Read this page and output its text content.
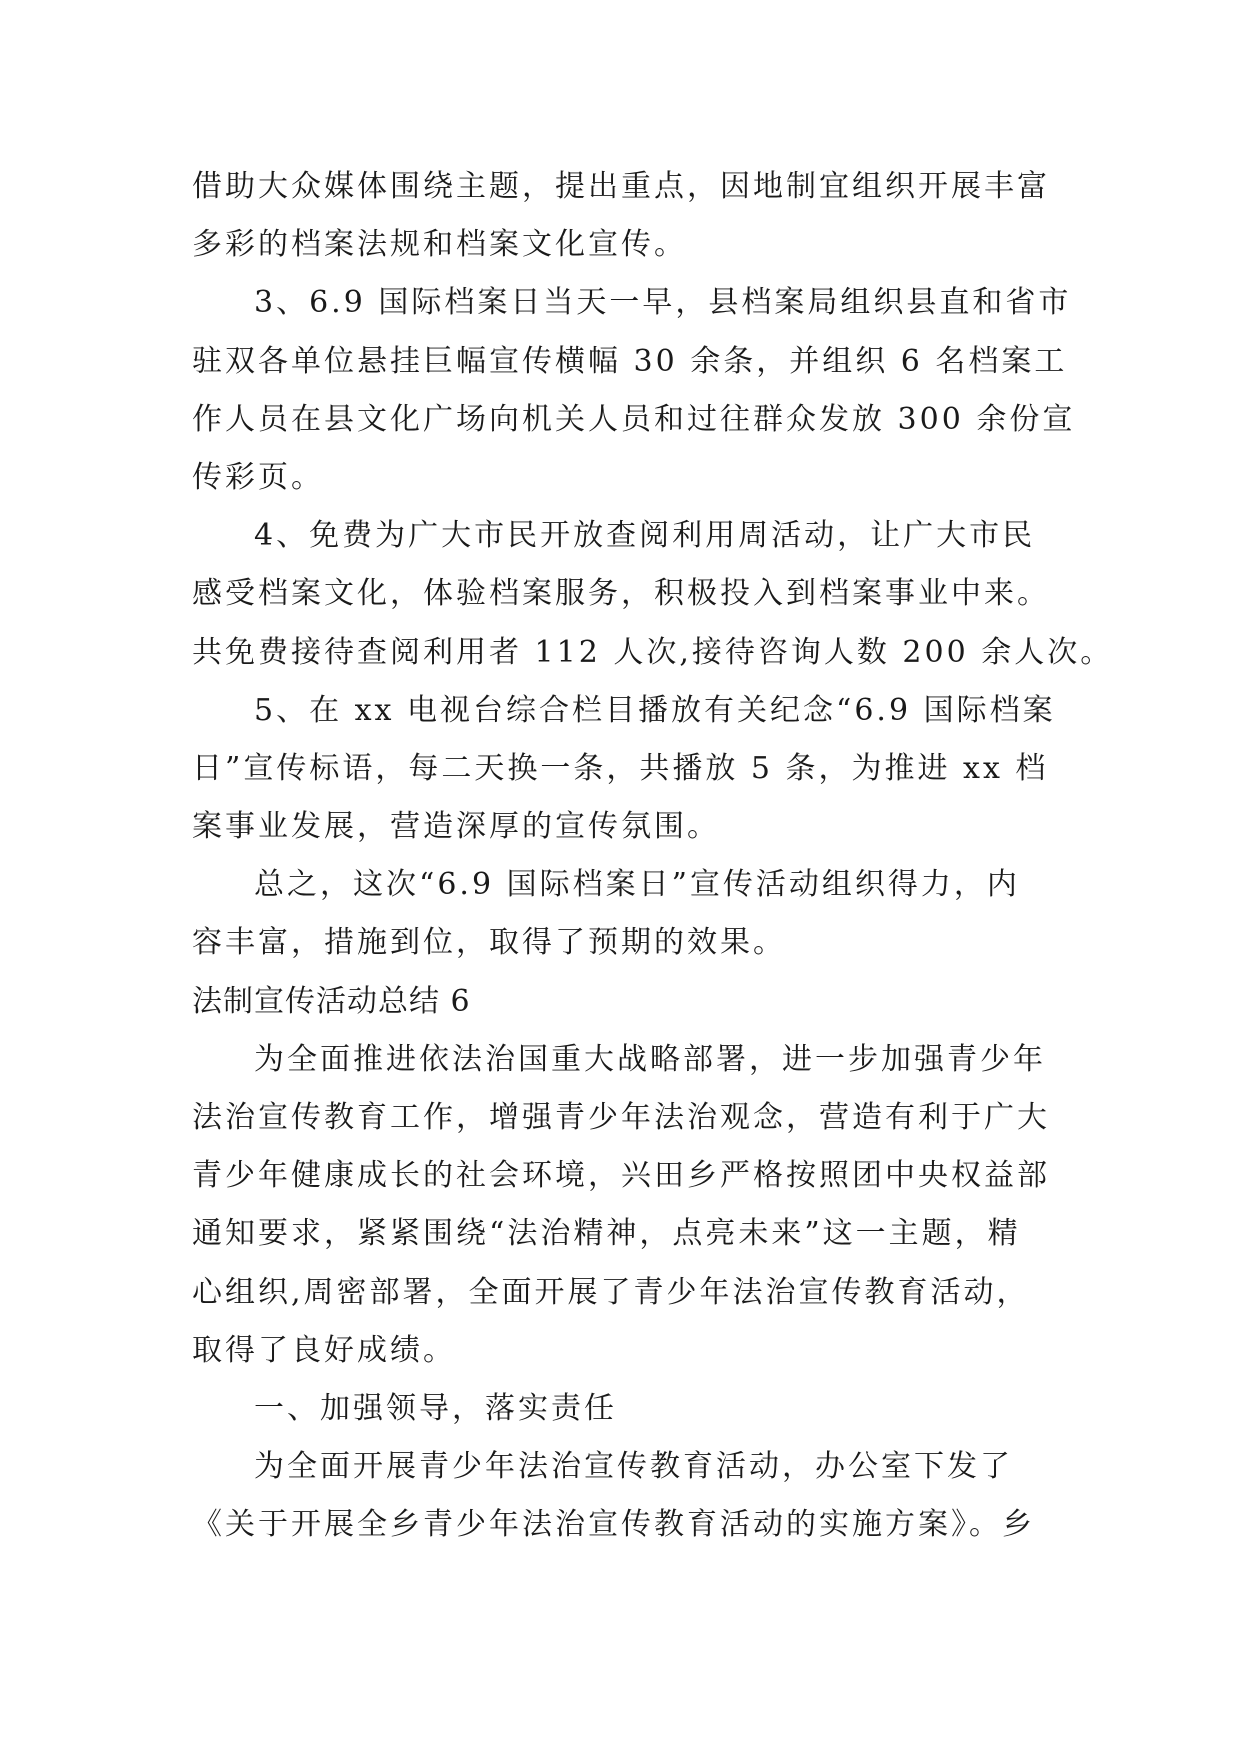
借助大众媒体围绕主题，提出重点，因地制宜组织开展丰富
多彩的档案法规和档案文化宣传。
3、6.9 国际档案日当天一早，县档案局组织县直和省市
驻双各单位悬挂巨幅宣传横幅 30 余条，并组织 6 名档案工
作人员在县文化广场向机关人员和过往群众发放 300 余份宣
传彩页。
4、免费为广大市民开放查阅利用周活动，让广大市民
感受档案文化，体验档案服务，积极投入到档案事业中来。
共免费接待查阅利用者 112 人次,接待咨询人数 200 余人次。
5、在 xx 电视台综合栏目播放有关纪念“6.9 国际档案
日”宣传标语，每二天换一条，共播放 5 条，为推进 xx 档
案事业发展，营造深厚的宣传氛围。
总之，这次“6.9 国际档案日”宣传活动组织得力，内
容丰富，措施到位，取得了预期的效果。
法制宣传活动总结 6
为全面推进依法治国重大战略部署，进一步加强青少年
法治宣传教育工作，增强青少年法治观念，营造有利于广大
青少年健康成长的社会环境，兴田乡严格按照团中央权益部
通知要求，紧紧围绕“法治精神，点亮未来”这一主题，精
心组织,周密部署，全面开展了青少年法治宣传教育活动，
取得了良好成绩。
一、加强领导，落实责任
为全面开展青少年法治宣传教育活动，办公室下发了
《关于开展全乡青少年法治宣传教育活动的实施方案》。乡
